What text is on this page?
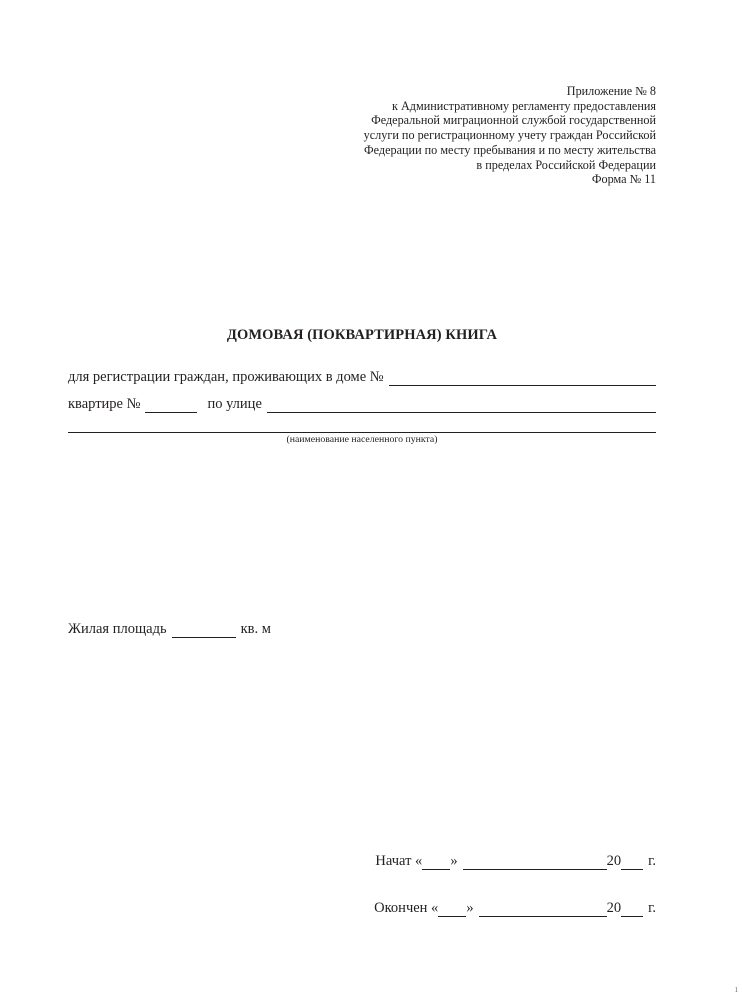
Приложение № 8
к Административному регламенту предоставления
Федеральной миграционной службой государственной
услуги по регистрационному учету граждан Российской
Федерации по месту пребывания и по месту жительства
в пределах Российской Федерации
Форма № 11
ДОМОВАЯ (ПОКВАРТИРНАЯ) КНИГА
для регистрации граждан, проживающих в доме №
квартире №	по улице
(наименование населенного пункта)
Жилая площадь	кв. м
Начат « »	20 г.
Окончен « »	20 г.
1
